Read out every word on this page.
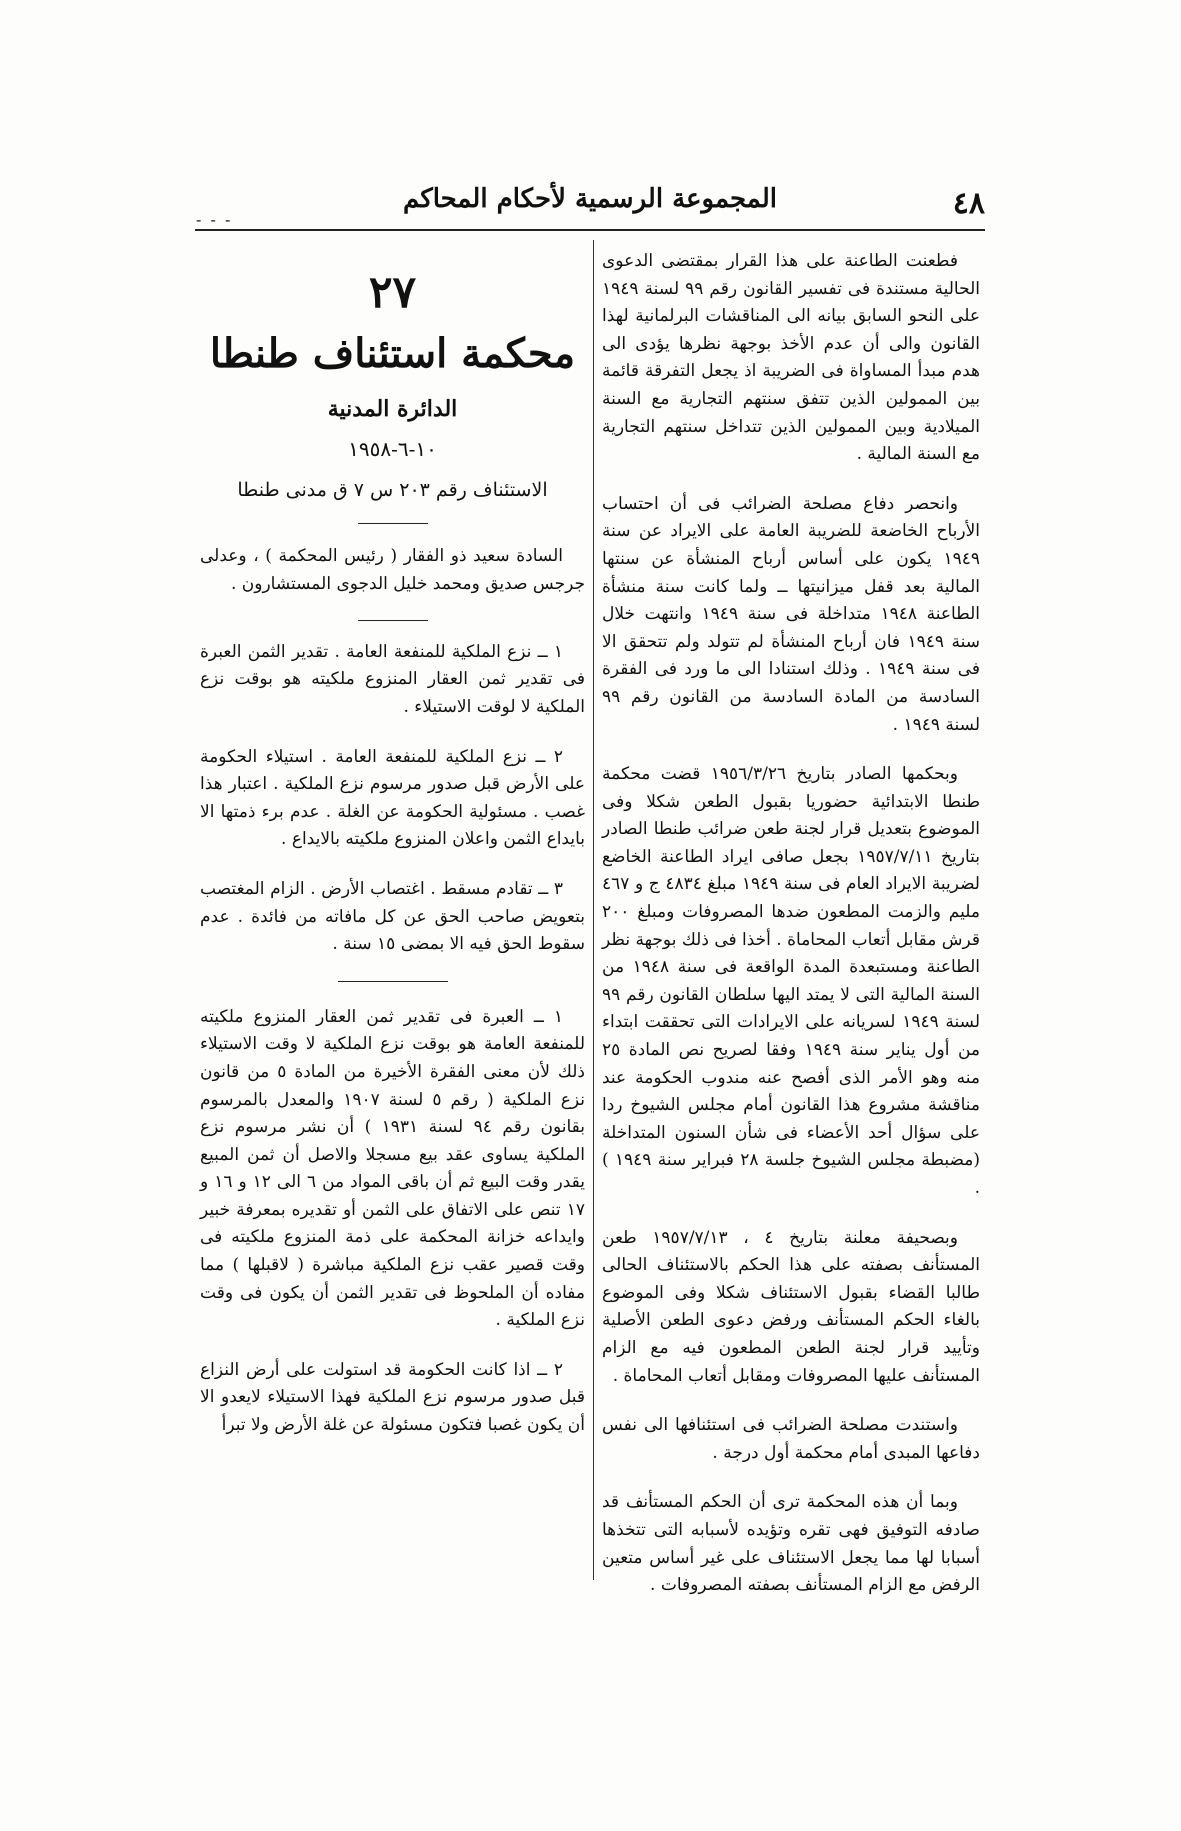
٤٨
المجموعة الرسمية لأحكام المحاكم
- - -

فطعنت الطاعنة على هذا القرار بمقتضى الدعوى الحالية مستندة فى تفسير القانون رقم ٩٩ لسنة ١٩٤٩ على النحو السابق بيانه الى المناقشات البرلمانية لهذا القانون والى أن عدم الأخذ بوجهة نظرها يؤدى الى هدم مبدأ المساواة فى الضريبة اذ يجعل التفرقة قائمة بين الممولين الذين تتفق سنتهم التجارية مع السنة الميلادية وبين الممولين الذين تتداخل سنتهم التجارية مع السنة المالية .

وانحصر دفاع مصلحة الضرائب فى أن احتساب الأرباح الخاضعة للضريبة العامة على الايراد عن سنة ١٩٤٩ يكون على أساس أرباح المنشأة عن سنتها المالية بعد قفل ميزانيتها ــ ولما كانت سنة منشأة الطاعنة ١٩٤٨ متداخلة فى سنة ١٩٤٩ وانتهت خلال سنة ١٩٤٩ فان أرباح المنشأة لم تتولد ولم تتحقق الا فى سنة ١٩٤٩ . وذلك استنادا الى ما ورد فى الفقرة السادسة من المادة السادسة من القانون رقم ٩٩ لسنة ١٩٤٩ .

وبحكمها الصادر بتاريخ ١٩٥٦/٣/٢٦ قضت محكمة طنطا الابتدائية حضوريا بقبول الطعن شكلا وفى الموضوع بتعديل قرار لجنة طعن ضرائب طنطا الصادر بتاريخ ١٩٥٧/٧/١١ بجعل صافى ايراد الطاعنة الخاضع لضريبة الايراد العام فى سنة ١٩٤٩ مبلغ ٤٨٣٤ ج و ٤٦٧ مليم والزمت المطعون ضدها المصروفات ومبلغ ٢٠٠ قرش مقابل أتعاب المحاماة . أخذا فى ذلك بوجهة نظر الطاعنة ومستبعدة المدة الواقعة فى سنة ١٩٤٨ من السنة المالية التى لا يمتد اليها سلطان القانون رقم ٩٩ لسنة ١٩٤٩ لسريانه على الايرادات التى تحققت ابتداء من أول يناير سنة ١٩٤٩ وفقا لصريح نص المادة ٢٥ منه وهو الأمر الذى أفصح عنه مندوب الحكومة عند مناقشة مشروع هذا القانون أمام مجلس الشيوخ ردا على سؤال أحد الأعضاء فى شأن السنون المتداخلة (مضبطة مجلس الشيوخ جلسة ٢٨ فبراير سنة ١٩٤٩ ) .

وبصحيفة معلنة بتاريخ ٤ ، ١٩٥٧/٧/١٣ طعن المستأنف بصفته على هذا الحكم بالاستئناف الحالى طالبا القضاء بقبول الاستئناف شكلا وفى الموضوع بالغاء الحكم المستأنف ورفض دعوى الطعن الأصلية وتأييد قرار لجنة الطعن المطعون فيه مع الزام المستأنف عليها المصروفات ومقابل أتعاب المحاماة .

واستندت مصلحة الضرائب فى استئنافها الى نفس دفاعها المبدى أمام محكمة أول درجة .

وبما أن هذه المحكمة ترى أن الحكم المستأنف قد صادفه التوفيق فهى تقره وتؤيده لأسبابه التى تتخذها أسبابا لها مما يجعل الاستئناف على غير أساس متعين الرفض مع الزام المستأنف بصفته المصروفات .

٢٧
محكمة استئناف طنطا
الدائرة المدنية
١٠-٦-١٩٥٨
الاستئناف رقم ٢٠٣ س ٧ ق مدنى طنطا

السادة سعيد ذو الفقار ( رئيس المحكمة ) ، وعدلى جرجس صديق ومحمد خليل الدجوى المستشارون .

١ ــ نزع الملكية للمنفعة العامة . تقدير الثمن العبرة فى تقدير ثمن العقار المنزوع ملكيته هو بوقت نزع الملكية لا لوقت الاستيلاء .

٢ ــ نزع الملكية للمنفعة العامة . استيلاء الحكومة على الأرض قبل صدور مرسوم نزع الملكية . اعتبار هذا غصب . مسئولية الحكومة عن الغلة . عدم برء ذمتها الا بايداع الثمن واعلان المنزوع ملكيته بالايداع .

٣ ــ تقادم مسقط . اغتصاب الأرض . الزام المغتصب بتعويض صاحب الحق عن كل مافاته من فائدة . عدم سقوط الحق فيه الا بمضى ١٥ سنة .

١ ــ العبرة فى تقدير ثمن العقار المنزوع ملكيته للمنفعة العامة هو بوقت نزع الملكية لا وقت الاستيلاء ذلك لأن معنى الفقرة الأخيرة من المادة ٥ من قانون نزع الملكية ( رقم ٥ لسنة ١٩٠٧ والمعدل بالمرسوم بقانون رقم ٩٤ لسنة ١٩٣١ ) أن نشر مرسوم نزع الملكية يساوى عقد بيع مسجلا والاصل أن ثمن المبيع يقدر وقت البيع ثم أن باقى المواد من ٦ الى ١٢ و ١٦ و ١٧ تنص على الاتفاق على الثمن أو تقديره بمعرفة خبير وايداعه خزانة المحكمة على ذمة المنزوع ملكيته فى وقت قصير عقب نزع الملكية مباشرة ( لاقبلها ) مما مفاده أن الملحوظ فى تقدير الثمن أن يكون فى وقت نزع الملكية .

٢ ــ اذا كانت الحكومة قد استولت على أرض النزاع قبل صدور مرسوم نزع الملكية فهذا الاستيلاء لايعدو الا أن يكون غصبا فتكون مسئولة عن غلة الأرض ولا تبرأ
